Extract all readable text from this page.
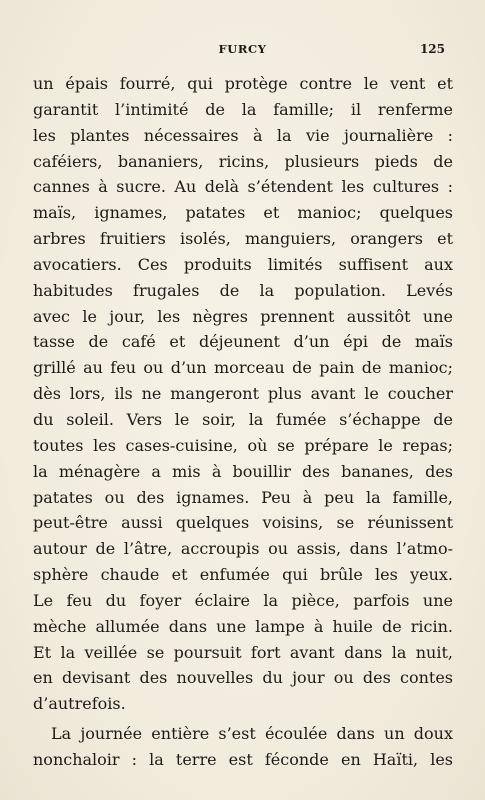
FURCY	125
un épais fourré, qui protège contre le vent et
garantit l’intimité de la famille; il renferme
les plantes nécessaires à la vie journalière :
caféiers, bananiers, ricins, plusieurs pieds de
cannes à sucre. Au delà s’étendent les cultures :
maïs, ignames, patates et manioc; quelques
arbres fruitiers isolés, manguiers, orangers et
avocatiers. Ces produits limités suffisent aux
habitudes frugales de la population. Levés
avec le jour, les nègres prennent aussitôt une
tasse de café et déjeunent d’un épi de maïs
grillé au feu ou d’un morceau de pain de manioc;
dès lors, ils ne mangeront plus avant le coucher
du soleil. Vers le soir, la fumée s’échappe de
toutes les cases-cuisine, où se prépare le repas;
la ménagère a mis à bouillir des bananes, des
patates ou des ignames. Peu à peu la famille,
peut-être aussi quelques voisins, se réunissent
autour de l’âtre, accroupis ou assis, dans l’atmo-
sphère chaude et enfumée qui brûle les yeux.
Le feu du foyer éclaire la pièce, parfois une
mèche allumée dans une lampe à huile de ricin.
Et la veillée se poursuit fort avant dans la nuit,
en devisant des nouvelles du jour ou des contes
d’autrefois.
La journée entière s’est écoulée dans un doux
nonchaloir : la terre est féconde en Haïti, les
